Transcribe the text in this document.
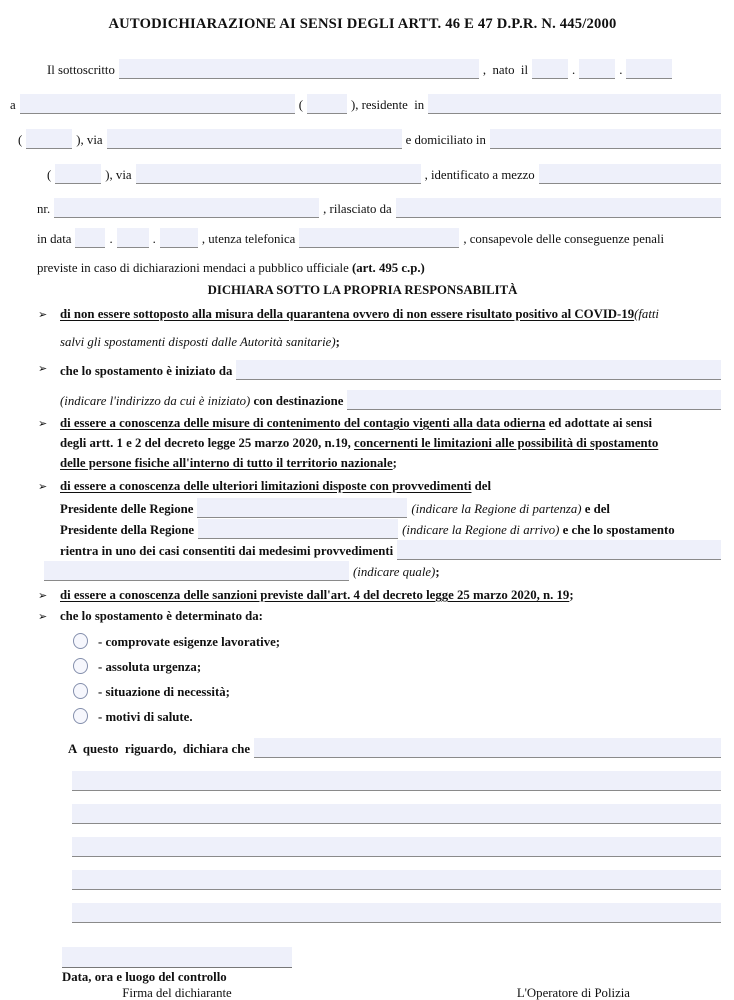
AUTODICHIARAZIONE AI SENSI DEGLI ARTT. 46 E 47 D.P.R. N. 445/2000
Il sottoscritto	,  nato  il	.	.
a	(	), residente  in
(	), via	e domiciliato in
(	), via	, identificato a mezzo
nr.	, rilasciato da
in data	.	.	, utenza telefonica	, consapevole delle conseguenze penali
previste in caso di dichiarazioni mendaci a pubblico ufficiale (art. 495 c.p.)
DICHIARA SOTTO LA PROPRIA RESPONSABILITÀ
➢ di non essere sottoposto alla misura della quarantena ovvero di non essere risultato positivo al COVID-19 (fatti
salvi gli spostamenti disposti dalle Autorità sanitarie) ;
➢ che lo spostamento è iniziato da
(indicare l'indirizzo da cui è iniziato) con destinazione
➢ di essere a conoscenza delle misure di contenimento del contagio vigenti alla data odierna ed adottate ai sensi
degli artt. 1 e 2 del decreto legge 25 marzo 2020, n.19, concernenti le limitazioni alle possibilità di spostamento
delle persone fisiche all'interno di tutto il territorio nazionale ;
➢ di essere a conoscenza delle ulteriori limitazioni disposte con provvedimenti del
Presidente delle Regione	(indicare la Regione di partenza) e del
Presidente della Regione	(indicare la Regione di arrivo) e che lo spostamento
rientra in uno dei casi consentiti dai medesimi provvedimenti
(indicare quale) ;
➢ di essere a conoscenza delle sanzioni previste dall'art. 4 del decreto legge 25 marzo 2020, n. 19 ;
➢ che lo spostamento è determinato da:
- comprovate esigenze lavorative;
- assoluta urgenza;
- situazione di necessità;
- motivi di salute.
A  questo  riguardo,  dichiara che
Data, ora e luogo del controllo
Firma del dichiarante	L'Operatore di Polizia
